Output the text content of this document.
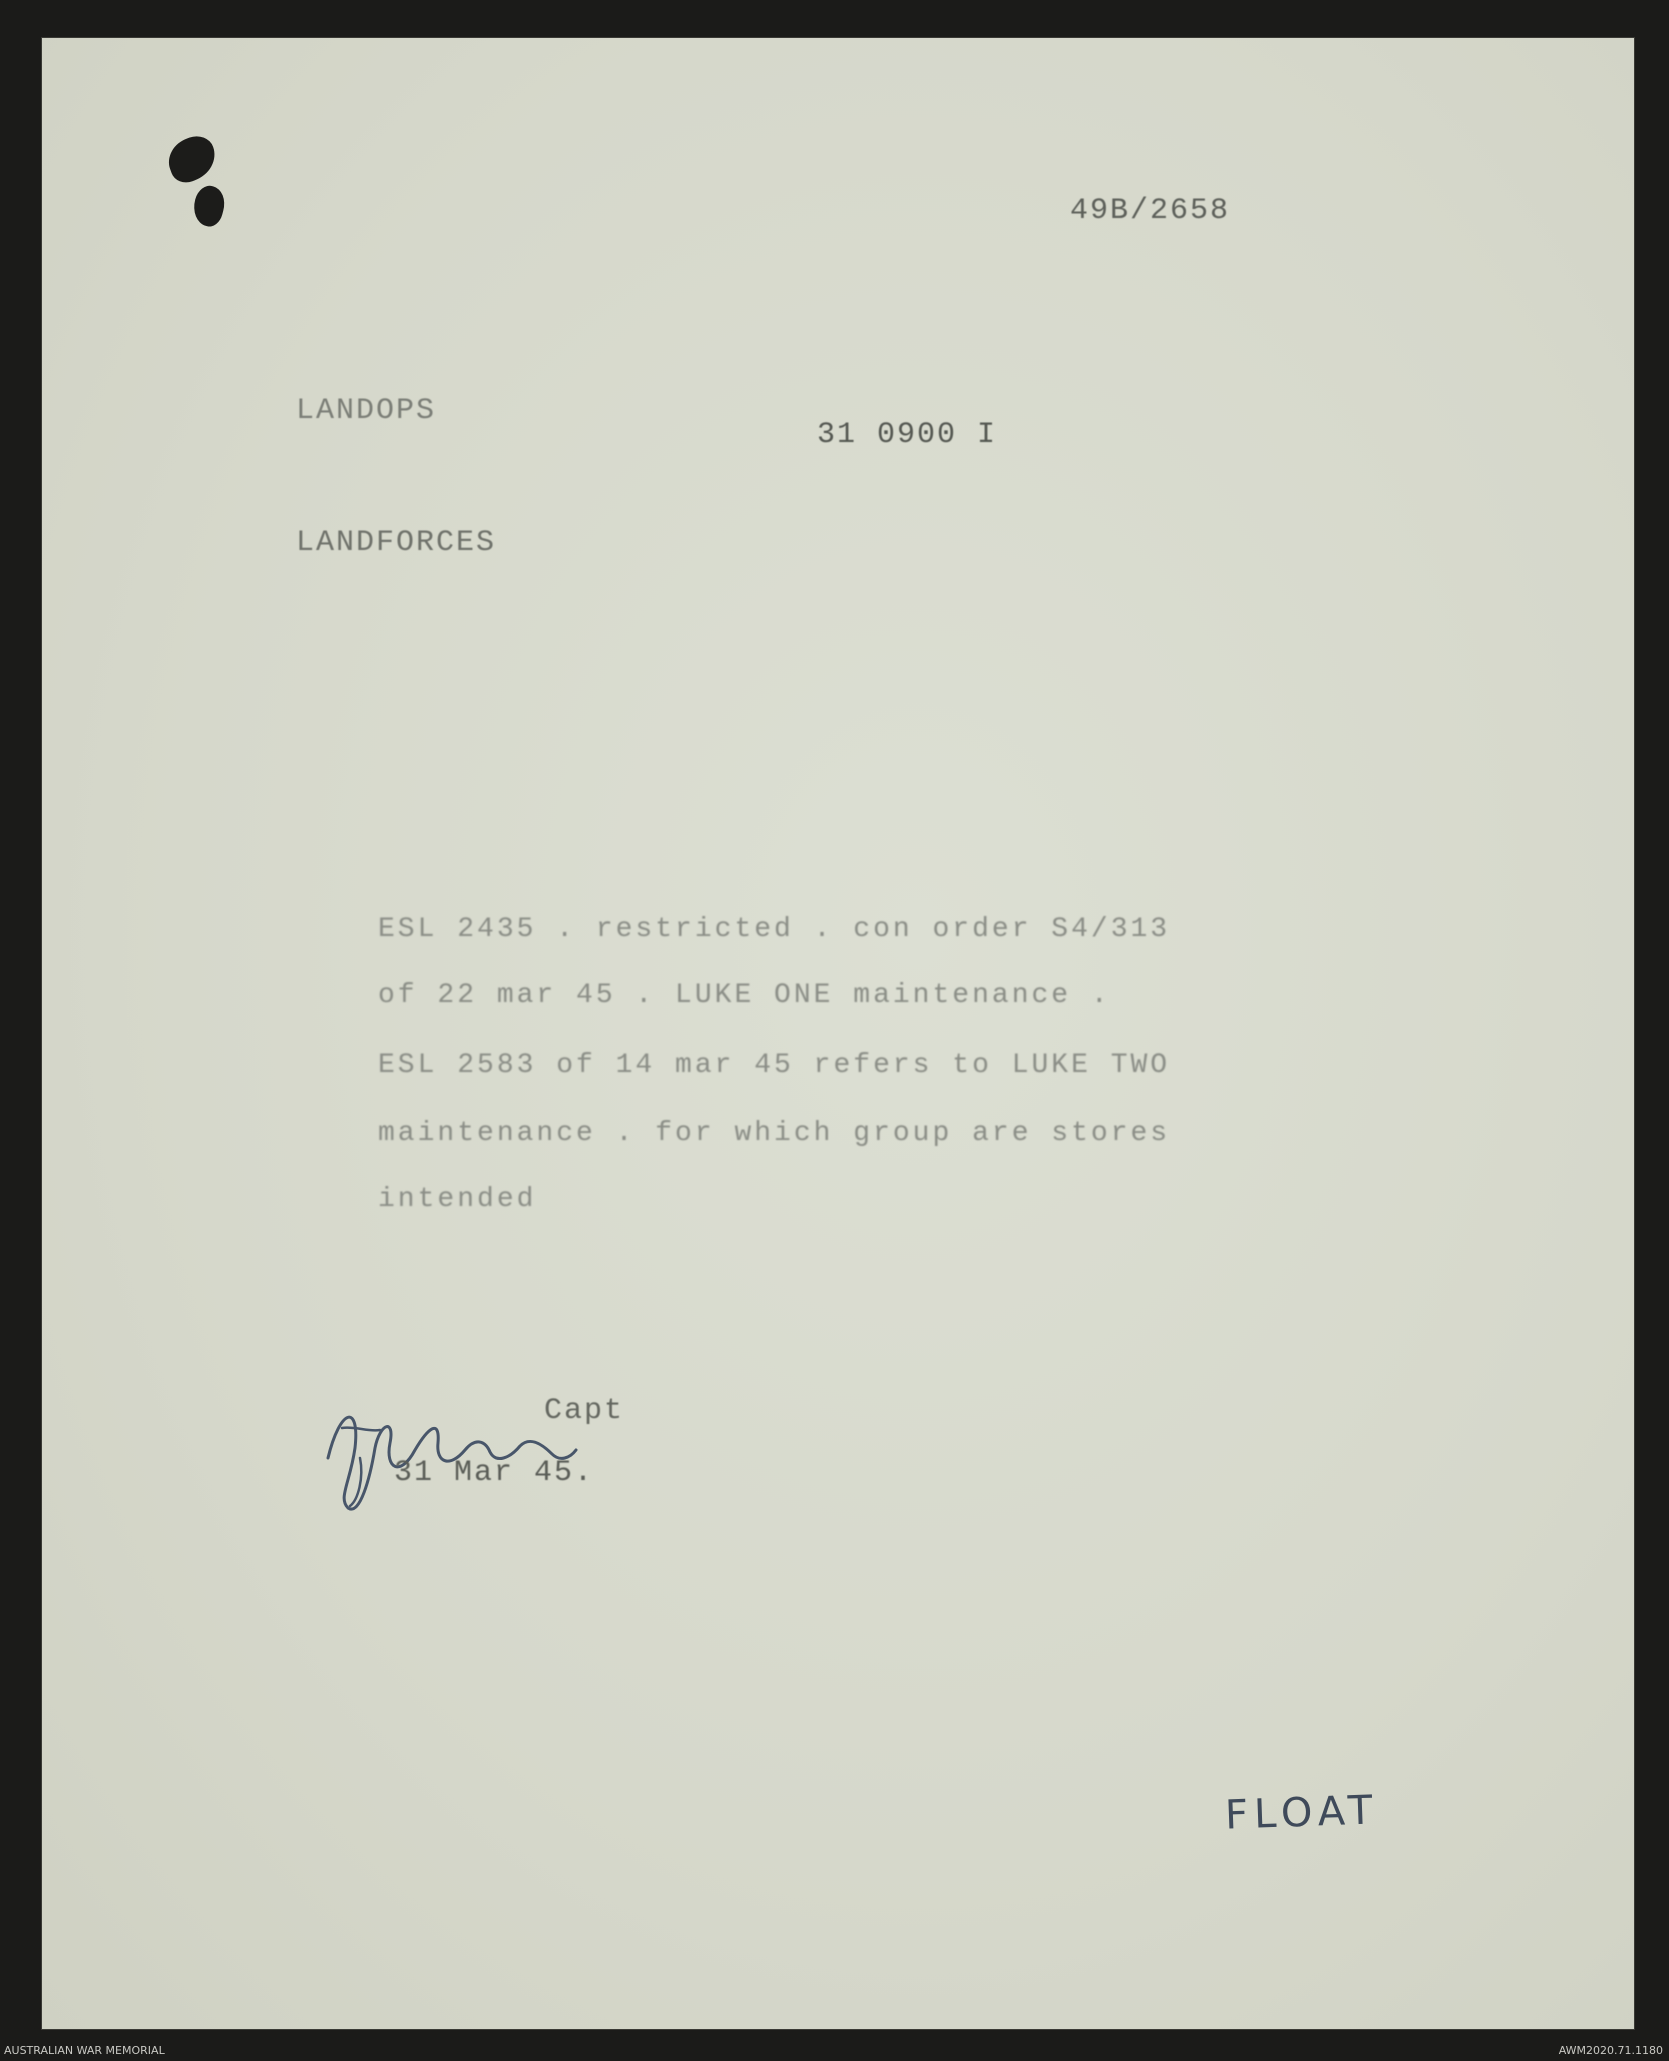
49B/2658
LANDOPS
31 0900 I
LANDFORCES
ESL 2435 . restricted . con order S4/313
of 22 mar 45 . LUKE ONE maintenance .
ESL 2583 of 14 mar 45 refers to LUKE TWO
maintenance . for which group are stores
intended
Capt
31 Mar 45.
FLOAT
AUSTRALIAN WAR MEMORIAL	AWM2020.71.1180
